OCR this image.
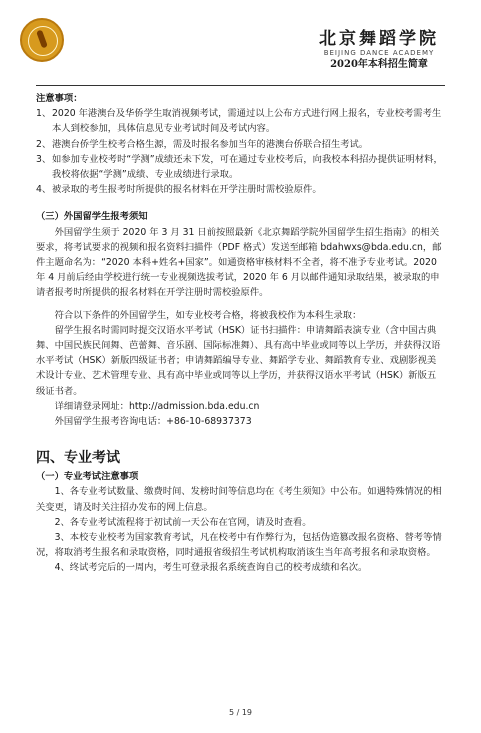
北京舞蹈学院
BEIJING DANCE ACADEMY
2020年本科招生简章

注意事项：

1、 2020 年港澳台及华侨学生取消视频考试，需通过以上公布方式进行网上报名，专业校考需考生本人到校参加，具体信息见专业考试时间及考试内容。
2、 港澳台侨学生校考合格生源，需及时报名参加当年的港澳台侨联合招生考试。
3、 如参加专业校考时“学测”成绩还未下发，可在通过专业校考后，向我校本科招办提供证明材料，我校将依据“学测”成绩、专业成绩进行录取。
4、 被录取的考生报考时所提供的报名材料在开学注册时需校验原件。

（三）外国留学生报考须知

外国留学生须于 2020 年 3 月 31 日前按照最新《北京舞蹈学院外国留学生招生指南》的相关要求，将考试要求的视频和报名资料扫描件（PDF 格式）发送至邮箱 bdahwxs@bda.edu.cn，邮件主题命名为：“2020 本科+姓名+国家”。如通资格审核材料不全者，将不准予专业考试。2020 年 4 月前后经由学校进行统一专业视频选拔考试，2020 年 6 月以邮件通知录取结果，被录取的申请者报考时所提供的报名材料在开学注册时需校验原件。

符合以下条件的外国留学生，如专业校考合格，将被我校作为本科生录取：

留学生报名时需同时提交汉语水平考试（HSK）证书扫描件：申请舞蹈表演专业（含中国古典舞、中国民族民间舞、芭蕾舞、音乐剧、国际标准舞）、具有高中毕业或同等以上学历，并获得汉语水平考试（HSK）新版四级证书者；申请舞蹈编导专业、舞蹈学专业、舞蹈教育专业、戏剧影视美术设计专业、艺术管理专业、具有高中毕业或同等以上学历，并获得汉语水平考试（HSK）新版五级证书者。

详细请登录网址：http://admission.bda.edu.cn

外国留学生报考咨询电话：+86-10-68937373

四、专业考试

（一）专业考试注意事项

1、各专业考试数量、缴费时间、发榜时间等信息均在《考生须知》中公布。如遇特殊情况的相关变更，请及时关注招办发布的网上信息。

2、各专业考试流程将于初试前一天公布在官网，请及时查看。

3、本校专业校考为国家教育考试，凡在校考中有作弊行为，包括伪造篡改报名资格、替考等情况，将取消考生报名和录取资格，同时通报省级招生考试机构取消该生当年高考报名和录取资格。

4、终试考完后的一周内，考生可登录报名系统查询自己的校考成绩和名次。

5 / 19
